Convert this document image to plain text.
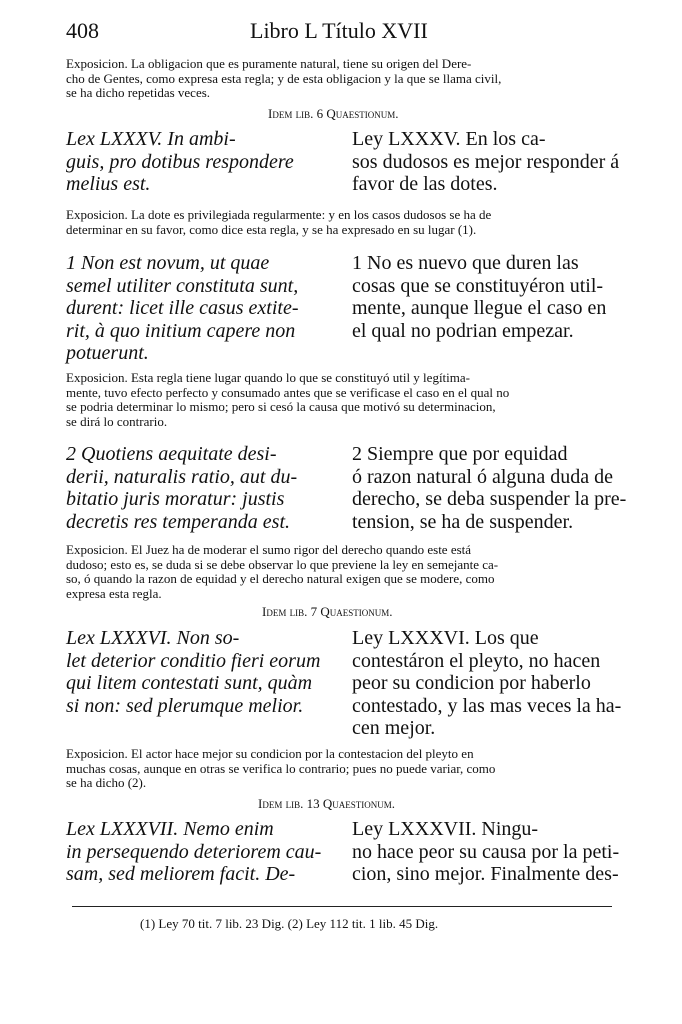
408	Libro L Título XVII
Exposicion. La obligacion que es puramente natural, tiene su origen del Dere-
cho de Gentes, como expresa esta regla; y de esta obligacion y la que se llama civil,
se ha dicho repetidas veces.
Idem lib. 6 Quaestionum.
Lex LXXXV. In ambi-
guis, pro dotibus respondere
melius est.
Ley LXXXV. En los ca-
sos dudosos es mejor responder á
favor de las dotes.
Exposicion. La dote es privilegiada regularmente: y en los casos dudosos se ha de
determinar en su favor, como dice esta regla, y se ha expresado en su lugar (1).
1 Non est novum, ut quae
semel utiliter constituta sunt,
durent: licet ille casus extite-
rit, à quo initium capere non
potuerunt.
1 No es nuevo que duren las
cosas que se constituyéron util-
mente, aunque llegue el caso en
el qual no podrian empezar.
Exposicion. Esta regla tiene lugar quando lo que se constituyó util y legítima-
mente, tuvo efecto perfecto y consumado antes que se verificase el caso en el qual no
se podria determinar lo mismo; pero si cesó la causa que motivó su determinacion,
se dirá lo contrario.
2 Quotiens aequitate desi-
derii, naturalis ratio, aut du-
bitatio juris moratur: justis
decretis res temperanda est.
2 Siempre que por equidad
ó razon natural ó alguna duda de
derecho, se deba suspender la pre-
tension, se ha de suspender.
Exposicion. El Juez ha de moderar el sumo rigor del derecho quando este está
dudoso; esto es, se duda si se debe observar lo que previene la ley en semejante ca-
so, ó quando la razon de equidad y el derecho natural exigen que se modere, como
expresa esta regla.
Idem lib. 7 Quaestionum.
Lex LXXXVI. Non so-
let deterior conditio fieri eorum
qui litem contestati sunt, quàm
si non: sed plerumque melior.
Ley LXXXVI. Los que
contestáron el pleyto, no hacen
peor su condicion por haberlo
contestado, y las mas veces la ha-
cen mejor.
Exposicion. El actor hace mejor su condicion por la contestacion del pleyto en
muchas cosas, aunque en otras se verifica lo contrario; pues no puede variar, como
se ha dicho (2).
Idem lib. 13 Quaestionum.
Lex LXXXVII. Nemo enim
in persequendo deteriorem cau-
sam, sed meliorem facit. De-
Ley LXXXVII. Ningu-
no hace peor su causa por la peti-
cion, sino mejor. Finalmente des-
(1) Ley 70 tit. 7 lib. 23 Dig. (2) Ley 112 tit. 1 lib. 45 Dig.
